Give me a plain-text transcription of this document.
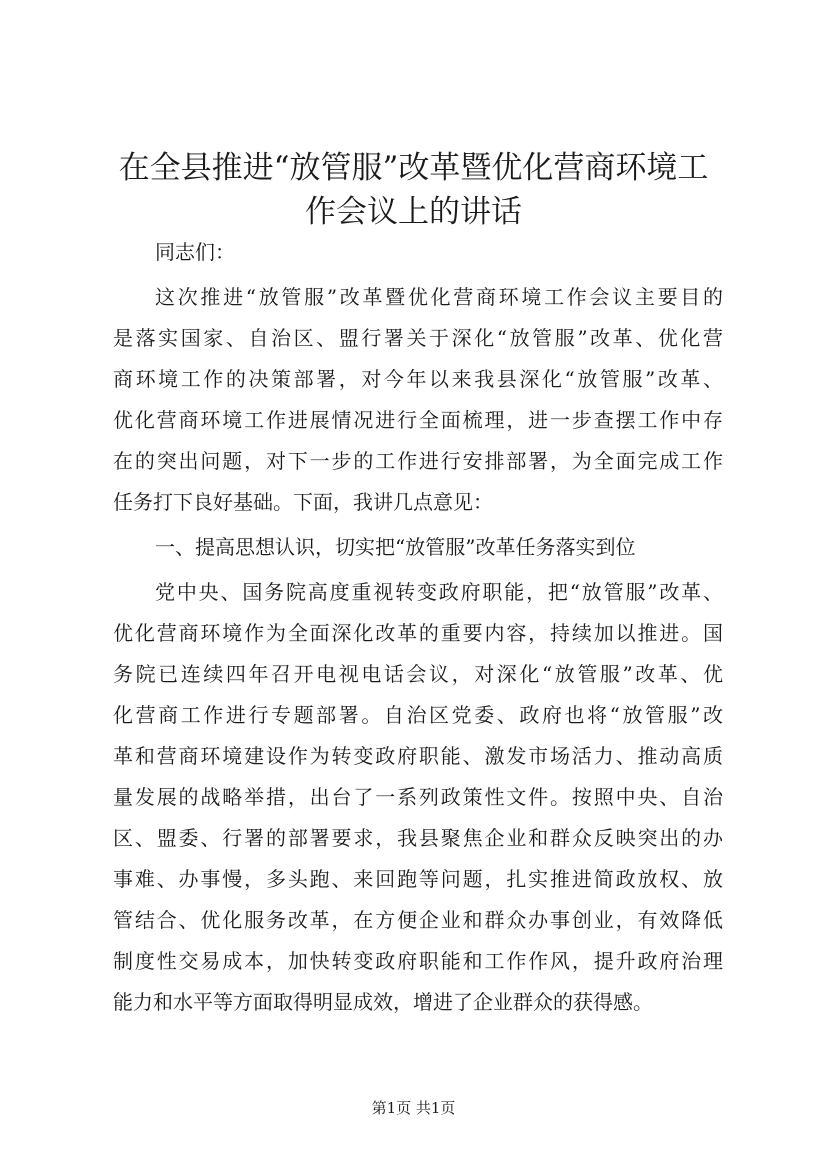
在全县推进“放管服”改革暨优化营商环境工
作会议上的讲话

同志们：

这次推进“放管服”改革暨优化营商环境工作会议主要目的

是落实国家、自治区、盟行署关于深化“放管服”改革、优化营

商环境工作的决策部署，对今年以来我县深化“放管服”改革、

优化营商环境工作进展情况进行全面梳理，进一步查摆工作中存

在的突出问题，对下一步的工作进行安排部署，为全面完成工作

任务打下良好基础。下面，我讲几点意见：

一、提高思想认识，切实把“放管服”改革任务落实到位

党中央、国务院高度重视转变政府职能，把“放管服”改革、

优化营商环境作为全面深化改革的重要内容，持续加以推进。国

务院已连续四年召开电视电话会议，对深化“放管服”改革、优

化营商工作进行专题部署。自治区党委、政府也将“放管服”改

革和营商环境建设作为转变政府职能、激发市场活力、推动高质

量发展的战略举措，出台了一系列政策性文件。按照中央、自治

区、盟委、行署的部署要求，我县聚焦企业和群众反映突出的办

事难、办事慢，多头跑、来回跑等问题，扎实推进简政放权、放

管结合、优化服务改革，在方便企业和群众办事创业，有效降低

制度性交易成本，加快转变政府职能和工作作风，提升政府治理

能力和水平等方面取得明显成效，增进了企业群众的获得感。

第1页 共1页
